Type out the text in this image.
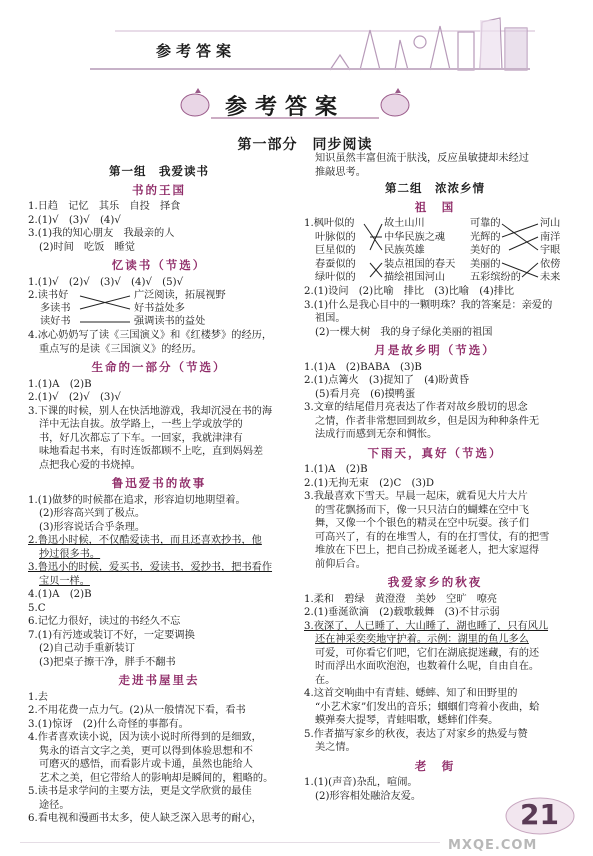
参考答案
参考答案
第一部分　同步阅读
第一组　我爱读书
书的王国
1.日趋　记忆　其乐　自投　择食
2.(1)√　(3)√　(4)√
3.(1)我的知心朋友　我最亲的人
(2)时间　吃饭　睡觉
忆读书（节选）
1.(1)√　(2)√　(3)√　(4)√　(5)√
2.读书好
多读书
读好书
广泛阅读，拓展视野
好书益处多
强调读书的益处
4.冰心奶奶写了读《三国演义》和《红楼梦》的经历，
重点写的是读《三国演义》的经历。
生命的一部分（节选）
1.(1)A　(2)B
2.(1)√　(2)√　(3)√
3.下课的时候，别人在快活地游戏，我却沉浸在书的海
洋中无法自拔。放学路上，一些上学或放学的
书，好几次都忘了下车。一回家，我就津津有
味地看起书来，有时连饭都顾不上吃，直到妈妈差
点把我心爱的书烧掉。
鲁迅爱书的故事
1.(1)做梦的时候都在追求，形容迫切地期望着。
(2)形容高兴到了极点。
(3)形容说话合乎条理。
2.鲁迅小时候，不仅酷爱读书，而且还喜欢抄书，他
抄过很多书。
3.鲁迅小的时候，爱买书，爱读书，爱抄书，把书看作
宝贝一样。
4.(1)A　(2)B
5.C
6.记忆力很好，读过的书经久不忘
7.(1)有污迹或装订不好，一定要调换
(2)自己动手重新装订
(3)把桌子擦干净，胖手不翻书
走进书屋里去
1.去
2.不用花费一点力气。(2)从一般情况下看，看书
3.(1)惊讶　(2)什么奇怪的事都有。
4.作者喜欢读小说，因为读小说时所得到的是细致，
隽永的语言文字之美，更可以得到体验思想和不
可磨灭的感悟，而看影片或卡通，虽然也能给人
艺术之美，但它带给人的影响却是瞬间的，粗略的。
5.读书是求学问的主要方法，更是文学欣赏的最佳
途径。
6.看电视和漫画书太多，使人缺乏深入思考的耐心，
知识虽然丰富但流于肤浅，反应虽敏捷却未经过
推敲思考。
第二组　浓浓乡情
祖　国
1.枫叶似的
叶脉似的
巨星似的
春蚕似的
绿叶似的
故土山川
中华民族之魂
民族英雄
装点祖国的春天
描绘祖国河山
可靠的
光辉的
美好的
美丽的
五彩缤纷的
河山
南洋
宇眼
依傍
未来
2.(1)设问　(2)比喻　排比　(3)比喻　(4)排比
3.(1)什么是我心目中的一颗明珠？我的答案是：亲爱的
祖国。
(2)一棵大树　我的身子绿化美丽的祖国
月是故乡明（节选）
1.(1)A　(2)BABA　(3)B
2.(1)点篝火　(3)捉知了　(4)盼黄昏
(5)看月亮　(6)摸鸭蛋
3.文章的结尾借月亮表达了作者对故乡殷切的思念
之情，作者非常想回到故乡，但是因为种种条件无
法成行而感到无奈和惆怅。
下雨天，真好（节选）
1.(1)A　(2)B
2.(1)无拘无束　(2)C　(3)D
3.我最喜欢下雪天。早晨一起床，就看见大片大片
的雪花飘扬而下，像一只只洁白的蝴蝶在空中飞
舞，又像一个个银色的精灵在空中玩耍。孩子们
可高兴了，有的在堆雪人，有的在打雪仗，有的把雪
堆放在下巴上，把自己扮成圣诞老人，把大家逗得
前仰后合。
我爱家乡的秋夜
1.柔和　碧绿　黄澄澄　美妙　空旷　嘹亮
2.(1)垂涎欲滴　(2)载歌载舞　(3)不甘示弱
3.夜深了，人已睡了，大山睡了，湖也睡了，只有风儿
还在神采奕奕地守护着。示例：湖里的鱼儿多么
可爱，可你看它们吧，它们在湖底捉迷藏，有的还
时而浮出水面吹泡泡，也数着什么呢，自由自在。
在。
4.这首交响曲中有青蛙、蟋蟀、知了和田野里的
“小艺术家”们发出的音乐；蝈蝈们弯着小夜曲，蛤
蟆弹奏大提琴，青蛙唱歌，蟋蟀们伴奏。
5.作者描写家乡的秋夜，表达了对家乡的热爱与赞
美之情。
老　街
1.(1)(声音)杂乱，喧闹。
(2)形容相处融洽友爱。
21
MXQE.COM
